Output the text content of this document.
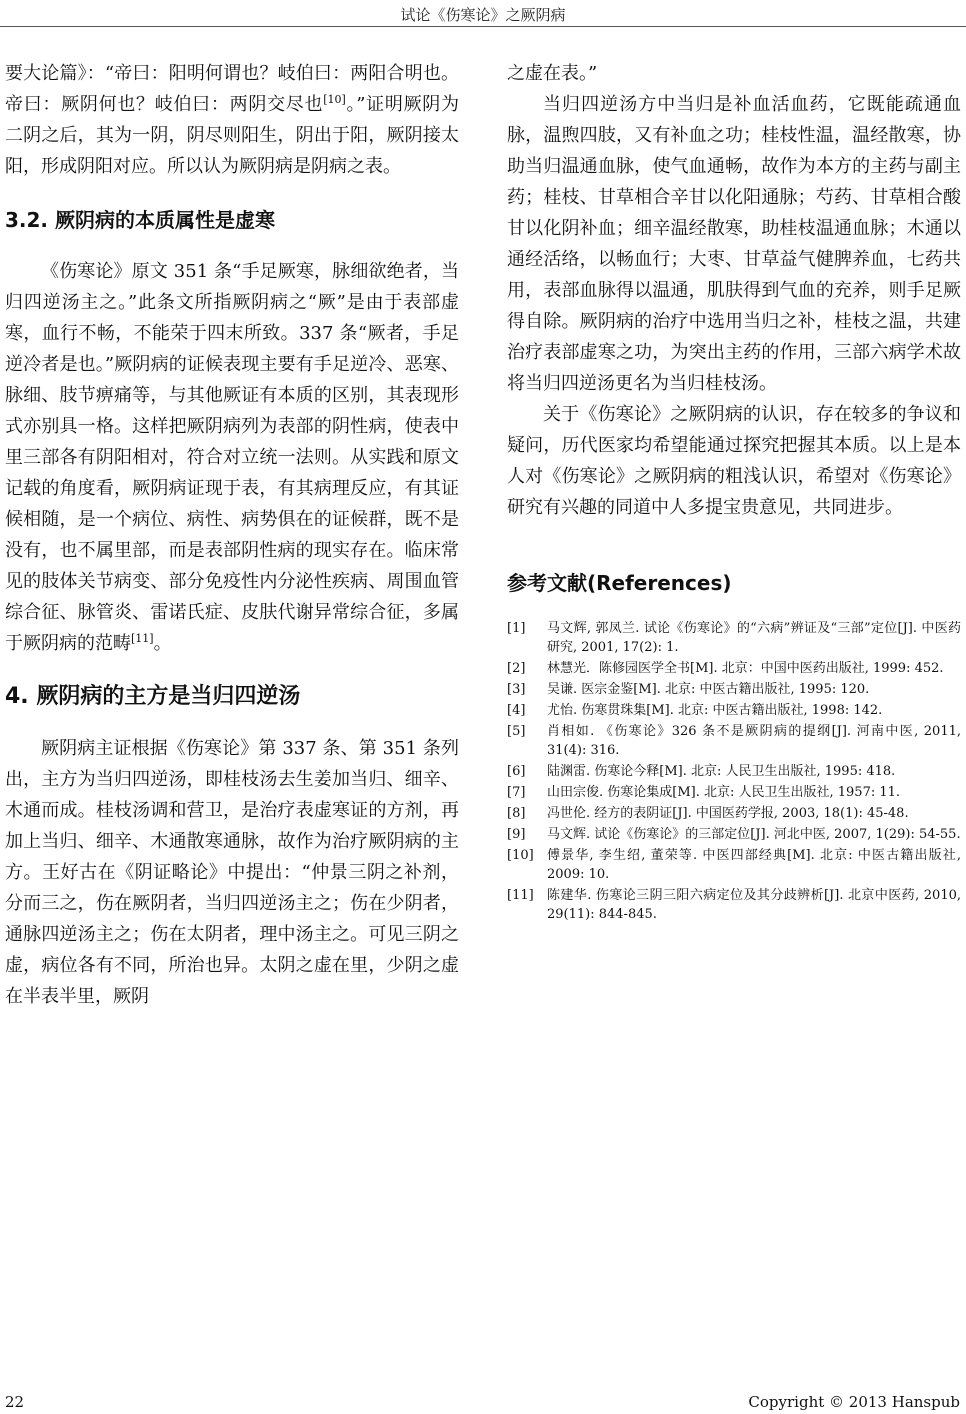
试论《伤寒论》之厥阴病

要大论篇》：“帝曰：阳明何谓也？岐伯曰：两阳合明也。帝曰：厥阴何也？岐伯曰：两阴交尽也[10]。”证明厥阴为二阴之后，其为一阴，阴尽则阳生，阴出于阳，厥阴接太阳，形成阴阳对应。所以认为厥阴病是阴病之表。

3.2. 厥阴病的本质属性是虚寒

《伤寒论》原文 351 条“手足厥寒，脉细欲绝者，当归四逆汤主之。”此条文所指厥阴病之“厥”是由于表部虚寒，血行不畅，不能荣于四末所致。337 条“厥者，手足逆冷者是也。”厥阴病的证候表现主要有手足逆冷、恶寒、脉细、肢节痹痛等，与其他厥证有本质的区别，其表现形式亦别具一格。这样把厥阴病列为表部的阴性病，使表中里三部各有阴阳相对，符合对立统一法则。从实践和原文记载的角度看，厥阴病证现于表，有其病理反应，有其证候相随，是一个病位、病性、病势俱在的证候群，既不是没有，也不属里部，而是表部阴性病的现实存在。临床常见的肢体关节病变、部分免疫性内分泌性疾病、周围血管综合征、脉管炎、雷诺氏症、皮肤代谢异常综合征，多属于厥阴病的范畴[11]。

4. 厥阴病的主方是当归四逆汤

厥阴病主证根据《伤寒论》第 337 条、第 351 条列出，主方为当归四逆汤，即桂枝汤去生姜加当归、细辛、木通而成。桂枝汤调和营卫，是治疗表虚寒证的方剂，再加上当归、细辛、木通散寒通脉，故作为治疗厥阴病的主方。王好古在《阴证略论》中提出：“仲景三阴之补剂，分而三之，伤在厥阴者，当归四逆汤主之；伤在少阴者，通脉四逆汤主之；伤在太阴者，理中汤主之。可见三阴之虚，病位各有不同，所治也异。太阴之虚在里，少阴之虚在半表半里，厥阴

之虚在表。”

当归四逆汤方中当归是补血活血药，它既能疏通血脉，温煦四肢，又有补血之功；桂枝性温，温经散寒，协助当归温通血脉，使气血通畅，故作为本方的主药与副主药；桂枝、甘草相合辛甘以化阳通脉；芍药、甘草相合酸甘以化阴补血；细辛温经散寒，助桂枝温通血脉；木通以通经活络，以畅血行；大枣、甘草益气健脾养血，七药共用，表部血脉得以温通，肌肤得到气血的充养，则手足厥得自除。厥阴病的治疗中选用当归之补，桂枝之温，共建治疗表部虚寒之功，为突出主药的作用，三部六病学术故将当归四逆汤更名为当归桂枝汤。

关于《伤寒论》之厥阴病的认识，存在较多的争议和疑问，历代医家均希望能通过探究把握其本质。以上是本人对《伤寒论》之厥阴病的粗浅认识，希望对《伤寒论》研究有兴趣的同道中人多提宝贵意见，共同进步。

参考文献(References)
[1] 马文辉, 郭凤兰. 试论《伤寒论》的“六病”辨证及“三部”定位[J]. 中医药研究, 2001, 17(2): 1.
[2] 林慧光．陈修园医学全书[M]. 北京：中国中医药出版社, 1999: 452.
[3] 吴谦. 医宗金鉴[M]. 北京: 中医古籍出版社, 1995: 120.
[4] 尤怡. 伤寒贯珠集[M]. 北京: 中医古籍出版社, 1998: 142.
[5] 肖相如. 《伤寒论》326 条不是厥阴病的提纲[J]. 河南中医, 2011, 31(4): 316.
[6] 陆渊雷. 伤寒论今释[M]. 北京: 人民卫生出版社, 1995: 418.
[7] 山田宗俊. 伤寒论集成[M]. 北京: 人民卫生出版社, 1957: 11.
[8] 冯世伦. 经方的表阴证[J]. 中国医药学报, 2003, 18(1): 45-48.
[9] 马文辉. 试论《伤寒论》的三部定位[J]. 河北中医, 2007, 1(29): 54-55.
[10] 傅景华, 李生绍, 董荣等. 中医四部经典[M]. 北京: 中医古籍出版社, 2009: 10.
[11] 陈建华. 伤寒论三阴三阳六病定位及其分歧辨析[J]. 北京中医药, 2010, 29(11): 844-845.
22	Copyright © 2013 Hanspub
